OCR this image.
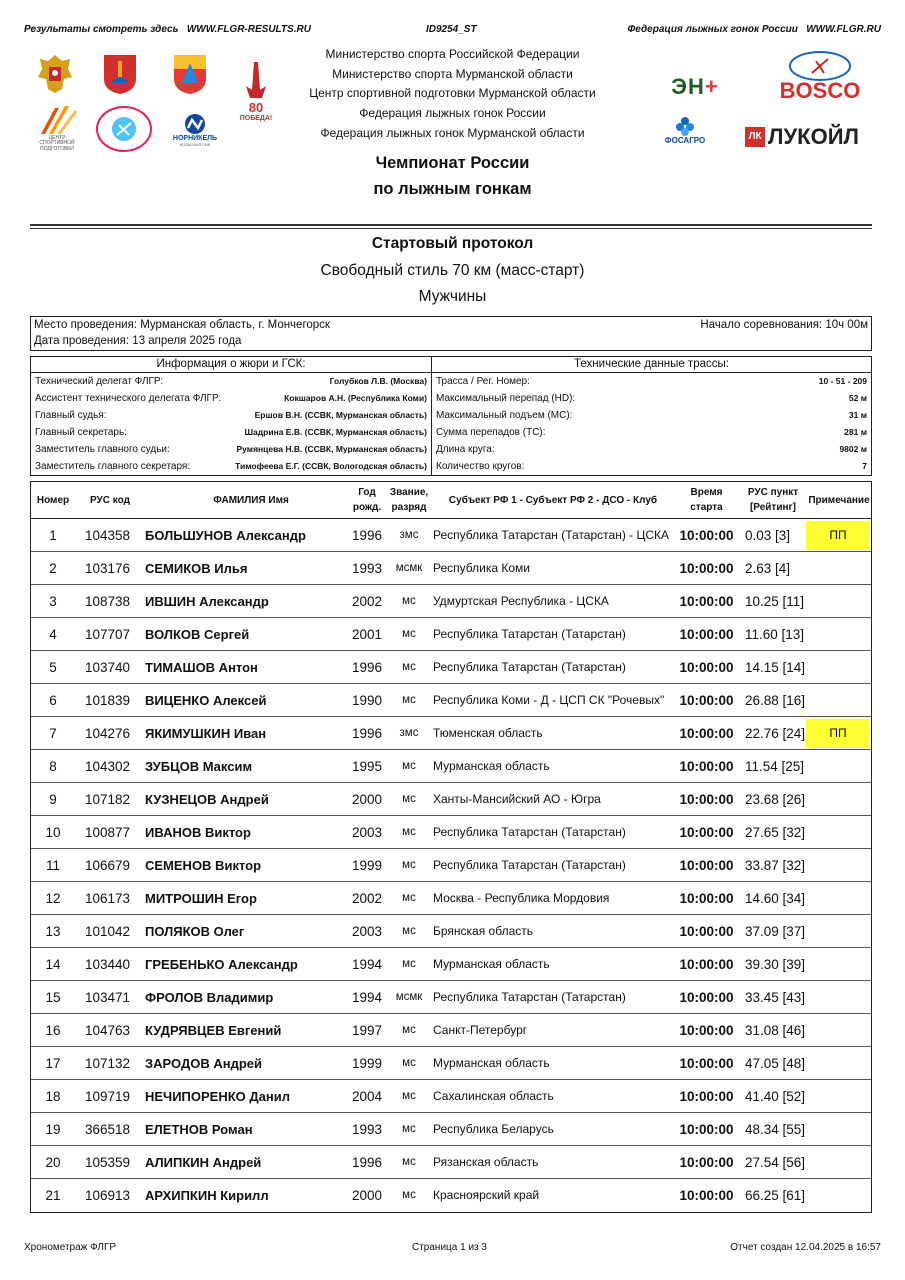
Результаты смотреть здесь   WWW.FLGR-RESULTS.RU	ID9254_ST	Федерация лыжных гонок России   WWW.FLGR.RU
80
ПОБЕДА!
ЦЕНТР СПОРТИВНОЙ ПОДГОТОВКИ
НОРНИКЕЛЬ
КОЛЬСКАЯ ГМК
Министерство спорта Российской Федерации
Министерство спорта Мурманской области
Центр спортивной подготовки Мурманской области
Федерация лыжных гонок России
Федерация лыжных гонок Мурманской области
Чемпионат России
по лыжным гонкам
ЭН+
ФОСАГРО
BOSCO
ЛК ЛУКОЙЛ
Стартовый протокол
Свободный стиль 70 км (масс-старт)
Мужчины
Место проведения: Мурманская область, г. Мончегорск
Дата проведения: 13 апреля 2025 года
Начало соревнования: 10ч 00м
Информация о жюри и ГСК:
Технический делегат ФЛГР:	Голубков Л.В. (Москва)
Ассистент технического делегата ФЛГР:	Кокшаров А.Н. (Республика Коми)
Главный судья:	Ершов В.Н. (ССВК, Мурманская область)
Главный секретарь:	Шадрина Е.В. (ССВК, Мурманская область)
Заместитель главного судьи:	Румянцева Н.В. (ССВК, Мурманская область)
Заместитель главного секретаря:	Тимофеева Е.Г. (ССВК, Вологодская область)
Технические данные трассы:
Трасса / Рег. Номер:	10 - 51 - 209
Максимальный перепад (HD):	52 м
Максимальный подъем (MC):	31 м
Сумма перепадов (TC):	281 м
Длина круга:	9802 м
Количество кругов:	7
Номер	РУС код	ФАМИЛИЯ Имя
Год
рожд.
Звание,
разряд
Субъект РФ 1 - Субъект РФ 2 - ДСО - Клуб
Время
старта
РУС пункт
[Рейтинг]
Примечание
1	104358	БОЛЬШУНОВ Александр	1996	змс	Республика Татарстан (Татарстан) - ЦСКА 10:00:00 0.03 [3]	ПП
2	103176	СЕМИКОВ Илья	1993	мсмк Республика Коми	10:00:00 2.63 [4]
3	108738	ИВШИН Александр	2002	мс	Удмуртская Республика - ЦСКА	10:00:00 10.25 [11]
4	107707	ВОЛКОВ Сергей	2001	мс	Республика Татарстан (Татарстан)	10:00:00 11.60 [13]
5	103740	ТИМАШОВ Антон	1996	мс	Республика Татарстан (Татарстан)	10:00:00 14.15 [14]
6	101839	ВИЦЕНКО Алексей	1990	мс	Республика Коми - Д - ЦСП СК "Рочевых" 10:00:00 26.88 [16]
7	104276	ЯКИМУШКИН Иван	1996	змс	Тюменская область	10:00:00 22.76 [24]	ПП
8	104302	ЗУБЦОВ Максим	1995	мс	Мурманская область	10:00:00 11.54 [25]
9	107182	КУЗНЕЦОВ Андрей	2000	мс	Ханты-Мансийский АО - Югра	10:00:00 23.68 [26]
10	100877	ИВАНОВ Виктор	2003	мс	Республика Татарстан (Татарстан)	10:00:00 27.65 [32]
11	106679	СЕМЕНОВ Виктор	1999	мс	Республика Татарстан (Татарстан)	10:00:00 33.87 [32]
12	106173	МИТРОШИН Егор	2002	мс	Москва - Республика Мордовия	10:00:00 14.60 [34]
13	101042	ПОЛЯКОВ Олег	2003	мс	Брянская область	10:00:00 37.09 [37]
14	103440	ГРЕБЕНЬКО Александр	1994	мс	Мурманская область	10:00:00 39.30 [39]
15	103471	ФРОЛОВ Владимир	1994	мсмк Республика Татарстан (Татарстан)	10:00:00 33.45 [43]
16	104763	КУДРЯВЦЕВ Евгений	1997	мс	Санкт-Петербург	10:00:00 31.08 [46]
17	107132	ЗАРОДОВ Андрей	1999	мс	Мурманская область	10:00:00 47.05 [48]
18	109719	НЕЧИПОРЕНКО Данил	2004	мс	Сахалинская область	10:00:00 41.40 [52]
19	366518	ЕЛЕТНОВ Роман	1993	мс	Республика Беларусь	10:00:00 48.34 [55]
20	105359	АЛИПКИН Андрей	1996	мс	Рязанская область	10:00:00 27.54 [56]
21	106913	АРХИПКИН Кирилл	2000	мс	Красноярский край	10:00:00 66.25 [61]
Хронометраж ФЛГР	Страница 1 из 3	Отчет создан 12.04.2025 в 16:57
